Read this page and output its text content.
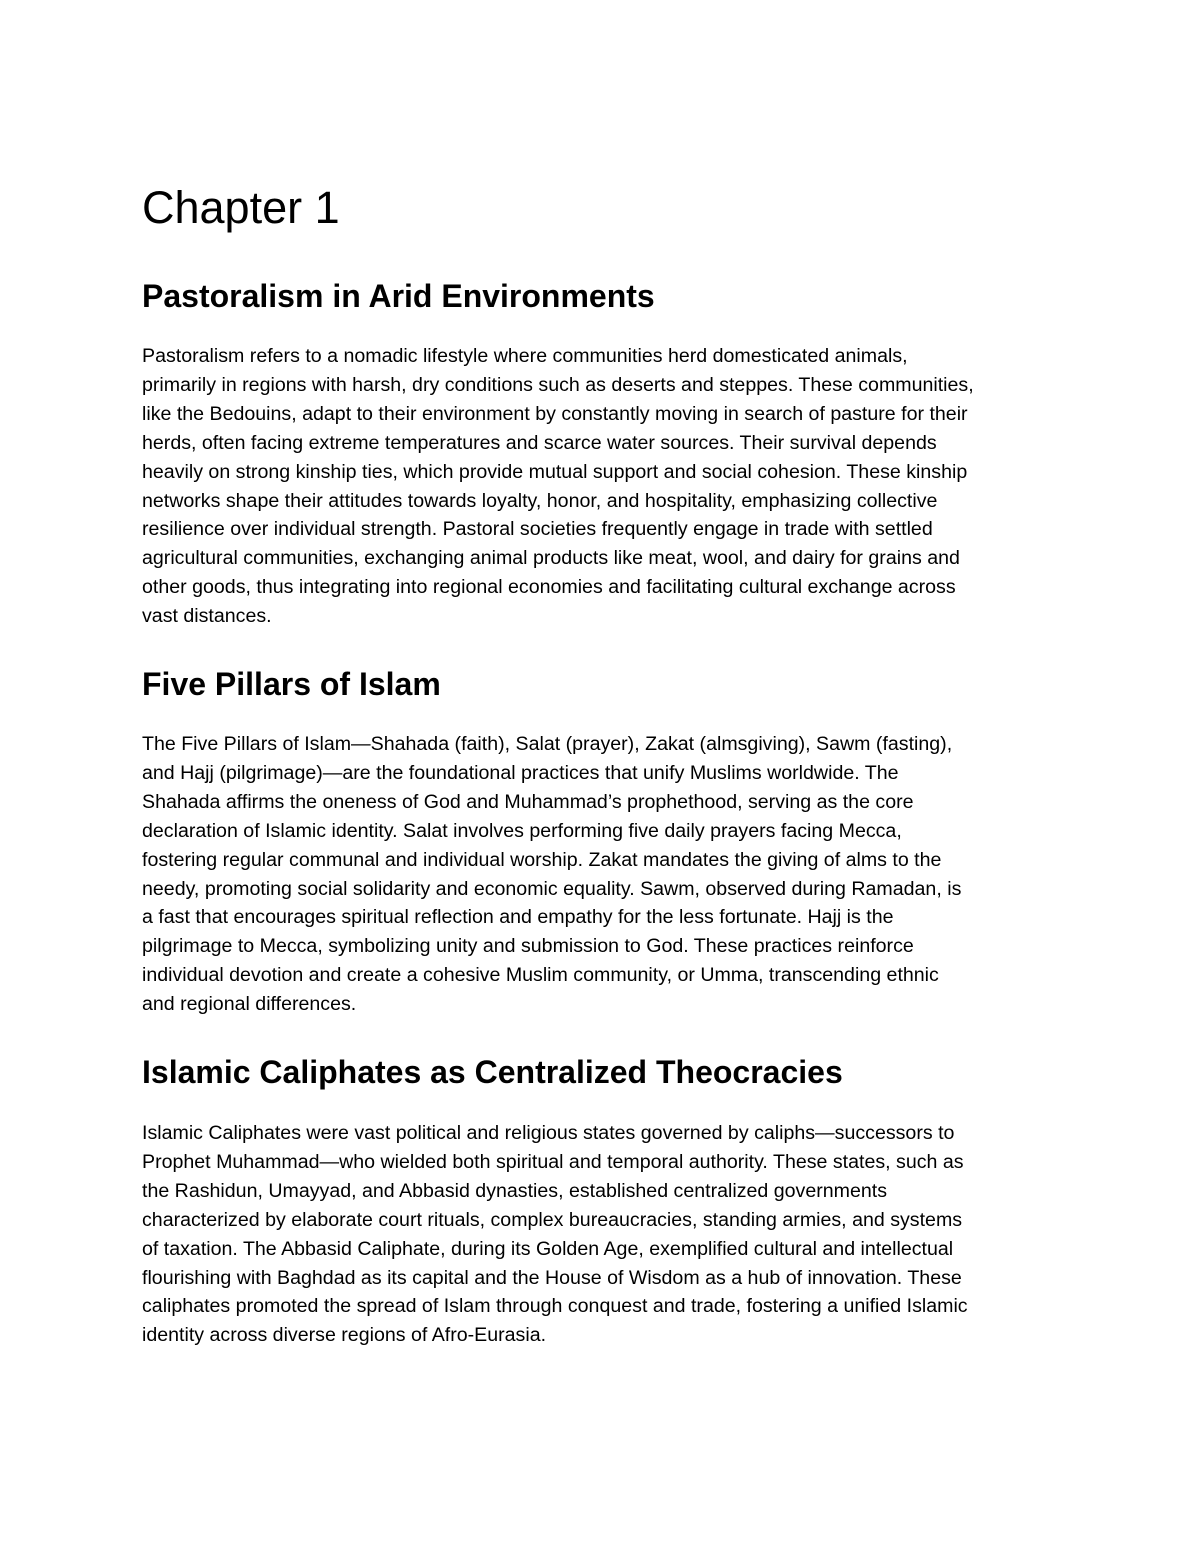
Chapter 1
Pastoralism in Arid Environments

Pastoralism refers to a nomadic lifestyle where communities herd domesticated animals,
primarily in regions with harsh, dry conditions such as deserts and steppes. These communities,
like the Bedouins, adapt to their environment by constantly moving in search of pasture for their
herds, often facing extreme temperatures and scarce water sources. Their survival depends
heavily on strong kinship ties, which provide mutual support and social cohesion. These kinship
networks shape their attitudes towards loyalty, honor, and hospitality, emphasizing collective
resilience over individual strength. Pastoral societies frequently engage in trade with settled
agricultural communities, exchanging animal products like meat, wool, and dairy for grains and
other goods, thus integrating into regional economies and facilitating cultural exchange across
vast distances.

Five Pillars of Islam

The Five Pillars of Islam—Shahada (faith), Salat (prayer), Zakat (almsgiving), Sawm (fasting),
and Hajj (pilgrimage)—are the foundational practices that unify Muslims worldwide. The
Shahada affirms the oneness of God and Muhammad’s prophethood, serving as the core
declaration of Islamic identity. Salat involves performing five daily prayers facing Mecca,
fostering regular communal and individual worship. Zakat mandates the giving of alms to the
needy, promoting social solidarity and economic equality. Sawm, observed during Ramadan, is
a fast that encourages spiritual reflection and empathy for the less fortunate. Hajj is the
pilgrimage to Mecca, symbolizing unity and submission to God. These practices reinforce
individual devotion and create a cohesive Muslim community, or Umma, transcending ethnic
and regional differences.

Islamic Caliphates as Centralized Theocracies

Islamic Caliphates were vast political and religious states governed by caliphs—successors to
Prophet Muhammad—who wielded both spiritual and temporal authority. These states, such as
the Rashidun, Umayyad, and Abbasid dynasties, established centralized governments
characterized by elaborate court rituals, complex bureaucracies, standing armies, and systems
of taxation. The Abbasid Caliphate, during its Golden Age, exemplified cultural and intellectual
flourishing with Baghdad as its capital and the House of Wisdom as a hub of innovation. These
caliphates promoted the spread of Islam through conquest and trade, fostering a unified Islamic
identity across diverse regions of Afro-Eurasia.
